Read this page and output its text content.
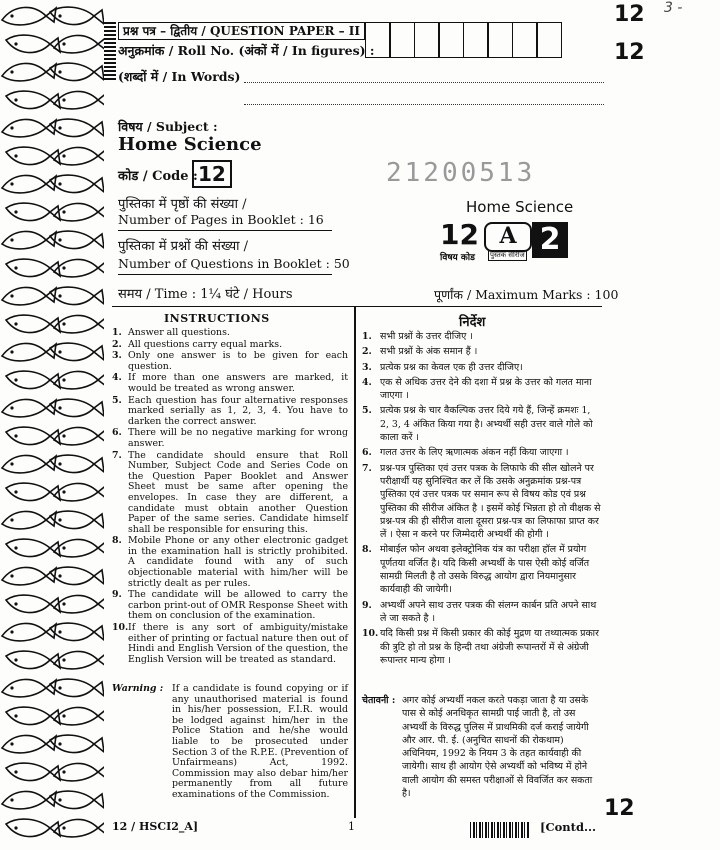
प्रश्न पत्र – द्वितीय / QUESTION PAPER – II
अनुक्रमांक / Roll No. (अंकों में / In figures) :
(शब्दों में / In Words)
12
12
3 -
विषय / Subject :
Home Science
कोड / Code : 12	21200513
पुस्तिका में पृष्ठों की संख्या /
Number of Pages in Booklet : 16
पुस्तिका में प्रश्नों की संख्या /
Number of Questions in Booklet : 50
Home Science
12 A 2
विषय कोड पुस्तक सीरीज
समय / Time : 1¼ घंटे / Hours	पूर्णांक / Maximum Marks : 100
INSTRUCTIONS	निर्देश
1. Answer all questions.
2. All questions carry equal marks.
3. Only one answer is to be given for each question.
4. If more than one answers are marked, it would be treated as wrong answer.
5. Each question has four alternative responses marked serially as 1, 2, 3, 4. You have to darken the correct answer.
6. There will be no negative marking for wrong answer.
7. The candidate should ensure that Roll Number, Subject Code and Series Code on the Question Paper Booklet and Answer Sheet must be same after opening the envelopes. In case they are different, a candidate must obtain another Question Paper of the same series. Candidate himself shall be responsible for ensuring this.
8. Mobile Phone or any other electronic gadget in the examination hall is strictly prohibited. A candidate found with any of such objectionable material with him/her will be strictly dealt as per rules.
9. The candidate will be allowed to carry the carbon print-out of OMR Response Sheet with them on conclusion of the examination.
10. If there is any sort of ambiguity/mistake either of printing or factual nature then out of Hindi and English Version of the question, the English Version will be treated as standard.
Warning : If a candidate is found copying or if any unauthorised material is found in his/her possession, F.I.R. would be lodged against him/her in the Police Station and he/she would liable to be prosecuted under Section 3 of the R.P.E. (Prevention of Unfairmeans) Act, 1992. Commission may also debar him/her permanently from all future examinations of the Commission.
1. सभी प्रश्नों के उत्तर दीजिए ।
2. सभी प्रश्नों के अंक समान हैं ।
3. प्रत्येक प्रश्न का केवल एक ही उत्तर दीजिए।
4. एक से अधिक उत्तर देने की दशा में प्रश्न के उत्तर को गलत माना जाएगा ।
5. प्रत्येक प्रश्न के चार वैकल्पिक उत्तर दिये गये हैं, जिन्हें क्रमशः 1, 2, 3, 4 अंकित किया गया है। अभ्यर्थी सही उत्तर वाले गोले को काला करें ।
6. गलत उत्तर के लिए ऋणात्मक अंकन नहीं किया जाएगा ।
7. प्रश्न-पत्र पुस्तिका एवं उत्तर पत्रक के लिफाफे की सील खोलने पर परीक्षार्थी यह सुनिश्चित कर लें कि उसके अनुक्रमांक प्रश्न-पत्र पुस्तिका एवं उत्तर पत्रक पर समान रूप से विषय कोड एवं प्रश्न पुस्तिका की सीरीज अंकित है । इसमें कोई भिन्नता हो तो वीक्षक से प्रश्न-पत्र की ही सीरीज वाला दूसरा प्रश्न-पत्र का लिफाफा प्राप्त कर लें । ऐसा न करने पर जिम्मेदारी अभ्यर्थी की होगी ।
8. मोबाईल फोन अथवा इलेक्ट्रोनिक यंत्र का परीक्षा हॉल में प्रयोग पूर्णतया वर्जित है। यदि किसी अभ्यर्थी के पास ऐसी कोई वर्जित सामग्री मिलती है तो उसके विरुद्ध आयोग द्वारा नियमानुसार कार्यवाही की जायेगी।
9. अभ्यर्थी अपने साथ उत्तर पत्रक की संलग्न कार्बन प्रति अपने साथ ले जा सकते है ।
10. यदि किसी प्रश्न में किसी प्रकार की कोई मुद्रण या तथ्यात्मक प्रकार की त्रुटि हो तो प्रश्न के हिन्दी तथा अंग्रेजी रूपान्तरों में से अंग्रेजी रूपान्तर मान्य होगा ।
चेतावनी : अगर कोई अभ्यर्थी नकल करते पकड़ा जाता है या उसके पास से कोई अनधिकृत सामग्री पाई जाती है, तो उस अभ्यर्थी के विरुद्ध पुलिस में प्राथमिकी दर्ज कराई जायेगी और आर. पी. ई. (अनुचित साधनों की रोकथाम) अधिनियम, 1992 के नियम 3 के तहत कार्यवाही की जायेगी। साथ ही आयोग ऐसे अभ्यर्थी को भविष्य में होने वाली आयोग की समस्त परीक्षाओं से विवर्जित कर सकता है।
12 / HSCI2_A]	1	[Contd...
12
